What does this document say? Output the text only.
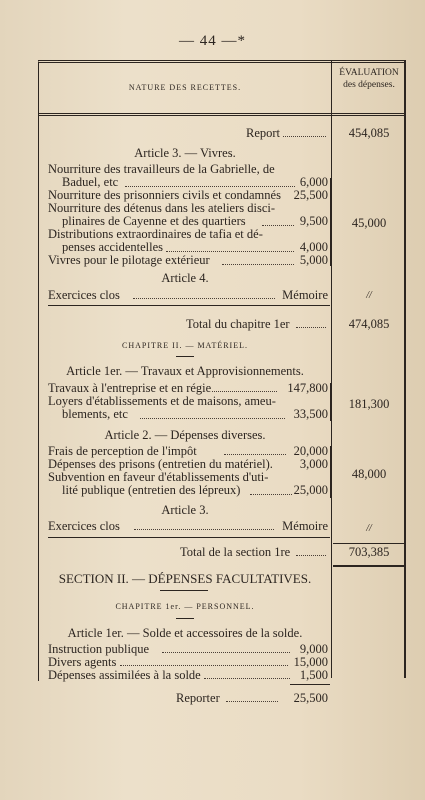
— 44 —*
NATURE DES RECETTES.
ÉVALUATION des dépenses.
Report	454,085
Article 3. — Vivres.
Nourriture des travailleurs de la Gabrielle, de
Baduel, etc	6,000
Nourriture des prisonniers civils et condamnés	25,500
Nourriture des détenus dans les ateliers disci-
plinaires de Cayenne et des quartiers	9,500
Distributions extraordinaires de tafia et dé-
penses accidentelles	4,000
Vivres pour le pilotage extérieur	5,000
45,000
Article 4.
Exercices clos	Mémoire	//
Total du chapitre 1er	474,085
CHAPITRE II. — MATÉRIEL.
Article 1er. — Travaux et Approvisionnements.
Travaux à l'entreprise et en régie	147,800
Loyers d'établissements et de maisons, ameu-
blements, etc	33,500
181,300
Article 2. — Dépenses diverses.
Frais de perception de l'impôt	20,000
Dépenses des prisons (entretien du matériel).	3,000
Subvention en faveur d'établissements d'uti-
lité publique (entretien des lépreux)	25,000
48,000
Article 3.
Exercices clos	Mémoire	//
Total de la section 1re	703,385
SECTION II. — DÉPENSES FACULTATIVES.
CHAPITRE 1er. — PERSONNEL.
Article 1er. — Solde et accessoires de la solde.
Instruction publique	9,000
Divers agents	15,000
Dépenses assimilées à la solde	1,500
Reporter	25,500
